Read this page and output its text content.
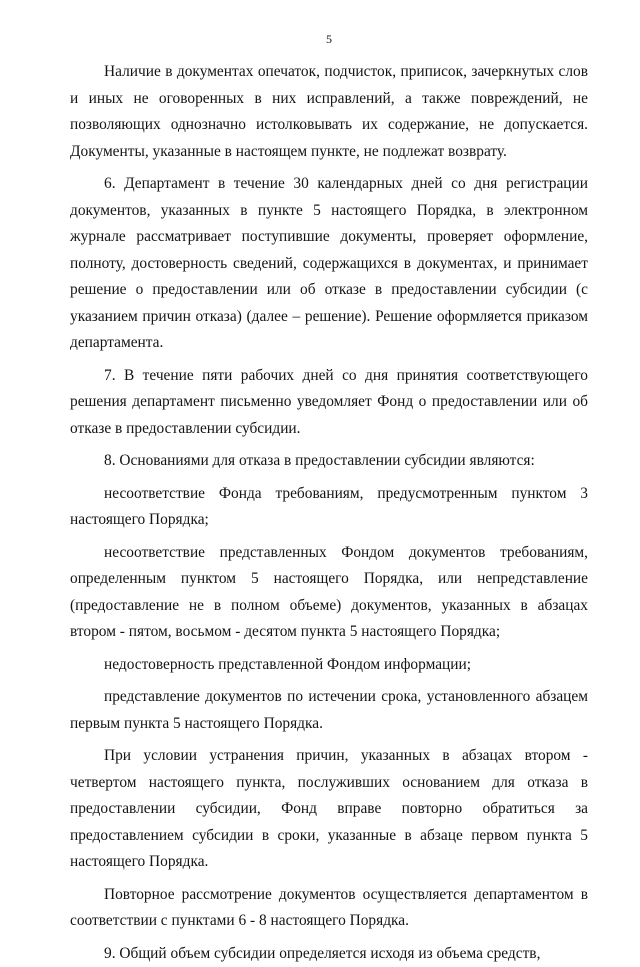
5

Наличие в документах опечаток, подчисток, приписок, зачеркнутых слов и иных не оговоренных в них исправлений, а также повреждений, не позволяющих однозначно истолковывать их содержание, не допускается. Документы, указанные в настоящем пункте, не подлежат возврату.

6. Департамент в течение 30 календарных дней со дня регистрации документов, указанных в пункте 5 настоящего Порядка, в электронном журнале рассматривает поступившие документы, проверяет оформление, полноту, достоверность сведений, содержащихся в документах, и принимает решение о предоставлении или об отказе в предоставлении субсидии (с указанием причин отказа) (далее – решение). Решение оформляется приказом департамента.

7. В течение пяти рабочих дней со дня принятия соответствующего решения департамент письменно уведомляет Фонд о предоставлении или об отказе в предоставлении субсидии.

8. Основаниями для отказа в предоставлении субсидии являются:

несоответствие Фонда требованиям, предусмотренным пунктом 3 настоящего Порядка;

несоответствие представленных Фондом документов требованиям, определенным пунктом 5 настоящего Порядка, или непредставление (предоставление не в полном объеме) документов, указанных в абзацах втором - пятом, восьмом - десятом пункта 5 настоящего Порядка;

недостоверность представленной Фондом информации;

представление документов по истечении срока, установленного абзацем первым пункта 5 настоящего Порядка.

При условии устранения причин, указанных в абзацах втором - четвертом настоящего пункта, послуживших основанием для отказа в предоставлении субсидии, Фонд вправе повторно обратиться за предоставлением субсидии в сроки, указанные в абзаце первом пункта 5 настоящего Порядка.

Повторное рассмотрение документов осуществляется департаментом в соответствии с пунктами 6 - 8 настоящего Порядка.

9. Общий объем субсидии определяется исходя из объема средств,
